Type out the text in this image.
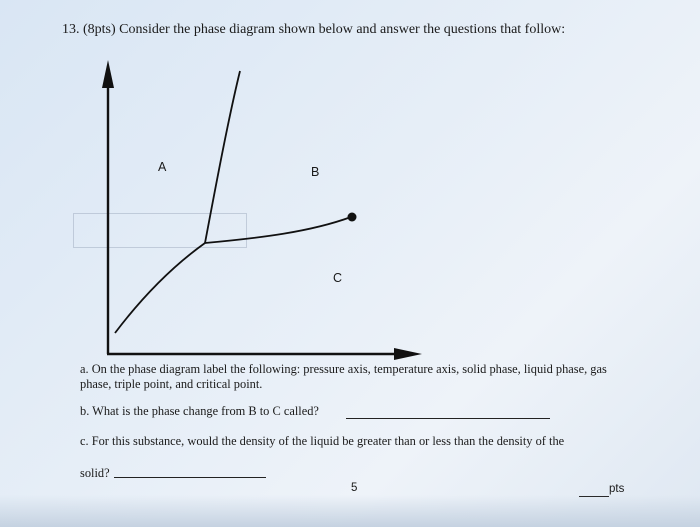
13. (8pts) Consider the phase diagram shown below and answer the questions that follow:
A	B
C
a. On the phase diagram label the following: pressure axis, temperature axis, solid phase, liquid phase, gas
phase, triple point, and critical point.
b. What is the phase change from B to C called?
c. For this substance, would the density of the liquid be greater than or less than the density of the
solid?
5	pts
